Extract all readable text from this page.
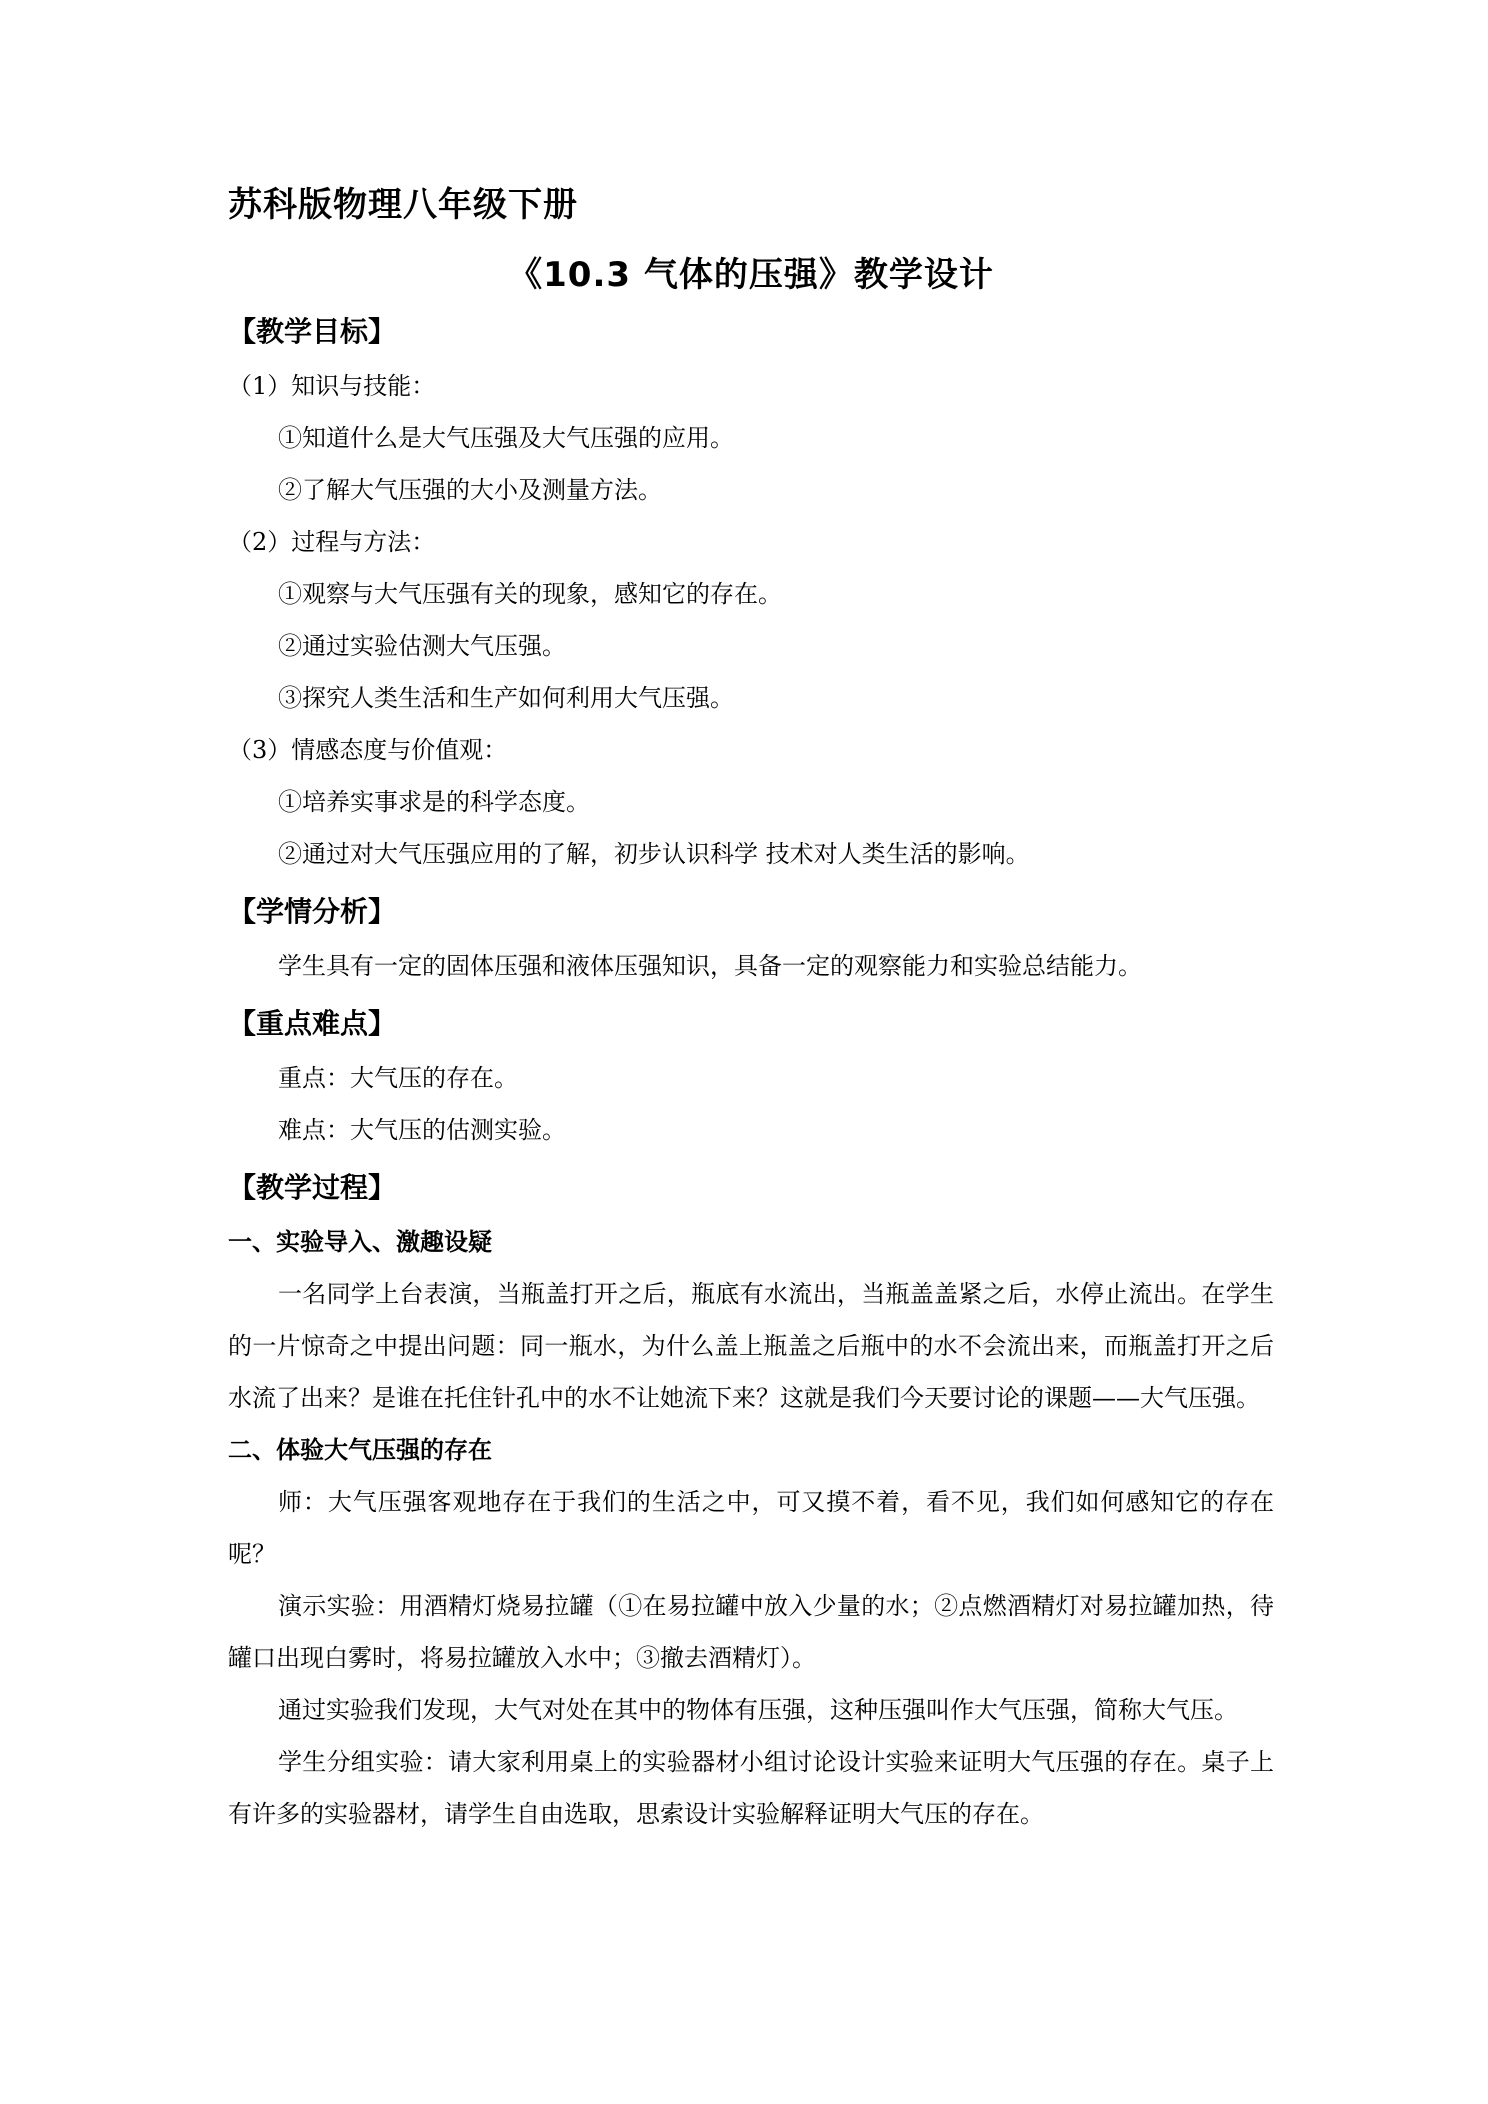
苏科版物理八年级下册
《10.3 气体的压强》教学设计
【教学目标】

（1）知识与技能：

①知道什么是大气压强及大气压强的应用。

②了解大气压强的大小及测量方法。

（2）过程与方法：

①观察与大气压强有关的现象，感知它的存在。

②通过实验估测大气压强。

③探究人类生活和生产如何利用大气压强。

（3）情感态度与价值观：

①培养实事求是的科学态度。

②通过对大气压强应用的了解，初步认识科学 技术对人类生活的影响。

【学情分析】

学生具有一定的固体压强和液体压强知识，具备一定的观察能力和实验总结能力。

【重点难点】

重点：大气压的存在。

难点：大气压的估测实验。

【教学过程】

一、实验导入、激趣设疑

一名同学上台表演，当瓶盖打开之后，瓶底有水流出，当瓶盖盖紧之后，水停止流出。在学生的一片惊奇之中提出问题：同一瓶水，为什么盖上瓶盖之后瓶中的水不会流出来，而瓶盖打开之后水流了出来？是谁在托住针孔中的水不让她流下来？这就是我们今天要讨论的课题——大气压强。

二、体验大气压强的存在

师：大气压强客观地存在于我们的生活之中，可又摸不着，看不见，我们如何感知它的存在呢？

演示实验：用酒精灯烧易拉罐（①在易拉罐中放入少量的水；②点燃酒精灯对易拉罐加热，待罐口出现白雾时，将易拉罐放入水中；③撤去酒精灯）。

通过实验我们发现，大气对处在其中的物体有压强，这种压强叫作大气压强，简称大气压。

学生分组实验：请大家利用桌上的实验器材小组讨论设计实验来证明大气压强的存在。桌子上有许多的实验器材，请学生自由选取，思索设计实验解释证明大气压的存在。
